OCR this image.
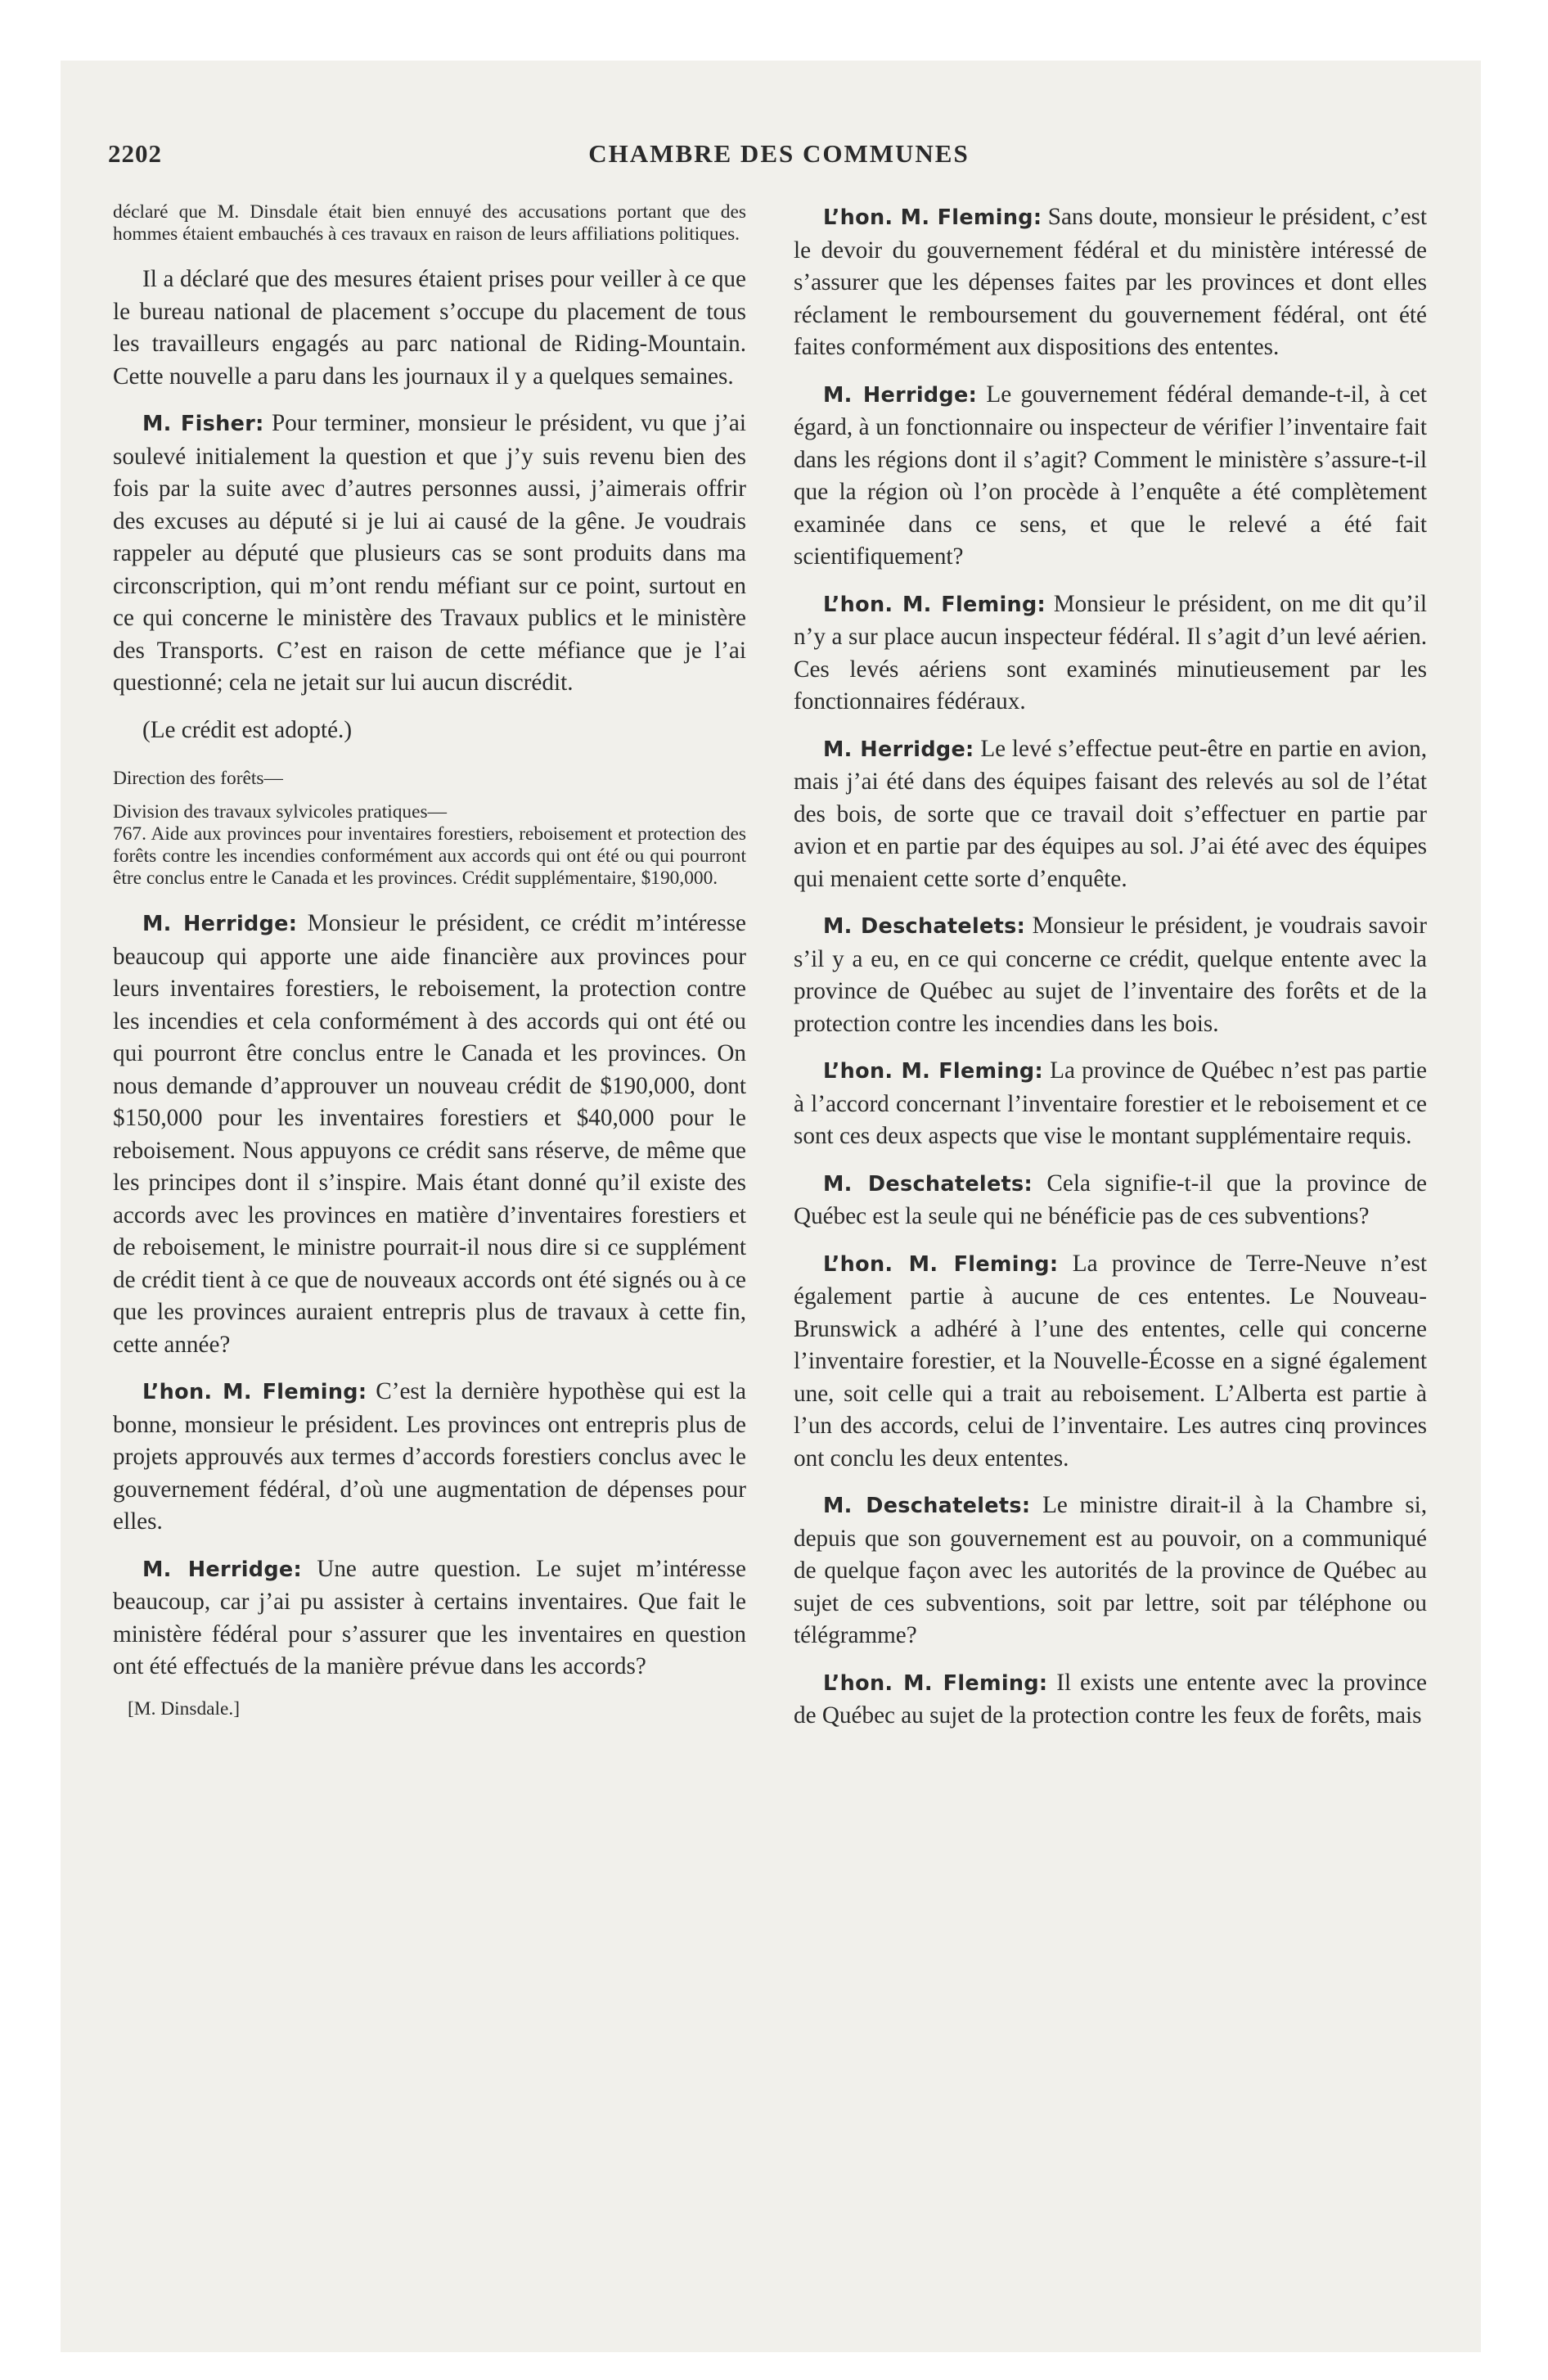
2202	CHAMBRE DES COMMUNES

déclaré que M. Dinsdale était bien ennuyé des accusations portant que des hommes étaient embauchés à ces travaux en raison de leurs affiliations politiques.

Il a déclaré que des mesures étaient prises pour veiller à ce que le bureau national de placement s’occupe du placement de tous les travailleurs engagés au parc national de Riding-Mountain. Cette nouvelle a paru dans les journaux il y a quelques semaines.

M. Fisher: Pour terminer, monsieur le président, vu que j’ai soulevé initialement la question et que j’y suis revenu bien des fois par la suite avec d’autres personnes aussi, j’aimerais offrir des excuses au député si je lui ai causé de la gêne. Je voudrais rappeler au député que plusieurs cas se sont produits dans ma circonscription, qui m’ont rendu méfiant sur ce point, surtout en ce qui concerne le ministère des Travaux publics et le ministère des Transports. C’est en raison de cette méfiance que je l’ai questionné; cela ne jetait sur lui aucun discrédit.

(Le crédit est adopté.)

Direction des forêts—

Division des travaux sylvicoles pratiques—

767. Aide aux provinces pour inventaires forestiers, reboisement et protection des forêts contre les incendies conformément aux accords qui ont été ou qui pourront être conclus entre le Canada et les provinces. Crédit supplémentaire, $190,000.

M. Herridge: Monsieur le président, ce crédit m’intéresse beaucoup qui apporte une aide financière aux provinces pour leurs inventaires forestiers, le reboisement, la protection contre les incendies et cela conformément à des accords qui ont été ou qui pourront être conclus entre le Canada et les provinces. On nous demande d’approuver un nouveau crédit de $190,000, dont $150,000 pour les inventaires forestiers et $40,000 pour le reboisement. Nous appuyons ce crédit sans réserve, de même que les principes dont il s’inspire. Mais étant donné qu’il existe des accords avec les provinces en matière d’inventaires forestiers et de reboisement, le ministre pourrait-il nous dire si ce supplément de crédit tient à ce que de nouveaux accords ont été signés ou à ce que les provinces auraient entrepris plus de travaux à cette fin, cette année?

L’hon. M. Fleming: C’est la dernière hypothèse qui est la bonne, monsieur le président. Les provinces ont entrepris plus de projets approuvés aux termes d’accords forestiers conclus avec le gouvernement fédéral, d’où une augmentation de dépenses pour elles.

M. Herridge: Une autre question. Le sujet m’intéresse beaucoup, car j’ai pu assister à certains inventaires. Que fait le ministère fédéral pour s’assurer que les inventaires en question ont été effectués de la manière prévue dans les accords?

[M. Dinsdale.]

L’hon. M. Fleming: Sans doute, monsieur le président, c’est le devoir du gouvernement fédéral et du ministère intéressé de s’assurer que les dépenses faites par les provinces et dont elles réclament le remboursement du gouvernement fédéral, ont été faites conformément aux dispositions des ententes.

M. Herridge: Le gouvernement fédéral demande-t-il, à cet égard, à un fonctionnaire ou inspecteur de vérifier l’inventaire fait dans les régions dont il s’agit? Comment le ministère s’assure-t-il que la région où l’on procède à l’enquête a été complètement examinée dans ce sens, et que le relevé a été fait scientifiquement?

L’hon. M. Fleming: Monsieur le président, on me dit qu’il n’y a sur place aucun inspecteur fédéral. Il s’agit d’un levé aérien. Ces levés aériens sont examinés minutieusement par les fonctionnaires fédéraux.

M. Herridge: Le levé s’effectue peut-être en partie en avion, mais j’ai été dans des équipes faisant des relevés au sol de l’état des bois, de sorte que ce travail doit s’effectuer en partie par avion et en partie par des équipes au sol. J’ai été avec des équipes qui menaient cette sorte d’enquête.

M. Deschatelets: Monsieur le président, je voudrais savoir s’il y a eu, en ce qui concerne ce crédit, quelque entente avec la province de Québec au sujet de l’inventaire des forêts et de la protection contre les incendies dans les bois.

L’hon. M. Fleming: La province de Québec n’est pas partie à l’accord concernant l’inventaire forestier et le reboisement et ce sont ces deux aspects que vise le montant supplémentaire requis.

M. Deschatelets: Cela signifie-t-il que la province de Québec est la seule qui ne bénéficie pas de ces subventions?

L’hon. M. Fleming: La province de Terre-Neuve n’est également partie à aucune de ces ententes. Le Nouveau-Brunswick a adhéré à l’une des ententes, celle qui concerne l’inventaire forestier, et la Nouvelle-Écosse en a signé également une, soit celle qui a trait au reboisement. L’Alberta est partie à l’un des accords, celui de l’inventaire. Les autres cinq provinces ont conclu les deux ententes.

M. Deschatelets: Le ministre dirait-il à la Chambre si, depuis que son gouvernement est au pouvoir, on a communiqué de quelque façon avec les autorités de la province de Québec au sujet de ces subventions, soit par lettre, soit par téléphone ou télégramme?

L’hon. M. Fleming: Il exists une entente avec la province de Québec au sujet de la protection contre les feux de forêts, mais
